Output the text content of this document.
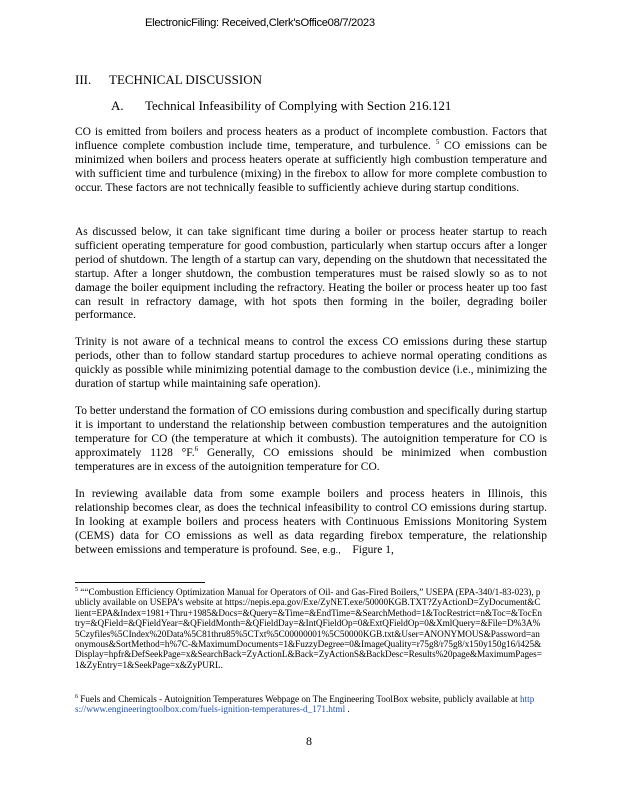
ElectronicFiling: Received,Clerk'sOffice08/7/2023
III. TECHNICAL DISCUSSION
A. Technical Infeasibility of Complying with Section 216.121
CO is emitted from boilers and process heaters as a product of incomplete combustion. Factors that influence complete combustion include time, temperature, and turbulence. $^5$ CO emissions can be minimized when boilers and process heaters operate at sufficiently high combustion temperature and with sufficient time and turbulence (mixing) in the firebox to allow for more complete combustion to occur. These factors are not technically feasible to sufficiently achieve during startup conditions.
As discussed below, it can take significant time during a boiler or process heater startup to reach sufficient operating temperature for good combustion, particularly when startup occurs after a longer period of shutdown. The length of a startup can vary, depending on the shutdown that necessitated the startup. After a longer shutdown, the combustion temperatures must be raised slowly so as to not damage the boiler equipment including the refractory. Heating the boiler or process heater up too fast can result in refractory damage, with hot spots then forming in the boiler, degrading boiler performance.
Trinity is not aware of a technical means to control the excess CO emissions during these startup periods, other than to follow standard startup procedures to achieve normal operating conditions as quickly as possible while minimizing potential damage to the combustion device (i.e., minimizing the duration of startup while maintaining safe operation).
To better understand the formation of CO emissions during combustion and specifically during startup it is important to understand the relationship between combustion temperatures and the autoignition temperature for CO (the temperature at which it combusts). The autoignition temperature for CO is approximately 1128 °F.$^6$ Generally, CO emissions should be minimized when combustion temperatures are in excess of the autoignition temperature for CO.
In reviewing available data from some example boilers and process heaters in Illinois, this relationship becomes clear, as does the technical infeasibility to control CO emissions during startup. In looking at example boilers and process heaters with Continuous Emissions Monitoring System (CEMS) data for CO emissions as well as data regarding firebox temperature, the relationship between emissions and temperature is profound. See, e.g., Figure 1,
$^5$ ““Combustion Efficiency Optimization Manual for Operators of Oil- and Gas-Fired Boilers,” USEPA (EPA-340/1-83-023), publicly available on USEPA’s website at https://nepis.epa.gov/Exe/ZyNET.exe/50000KGB.TXT?ZyActionD=ZyDocument&Client=EPA&Index=1981+Thru+1985&Docs=&Query=&Time=&EndTime=&SearchMethod=1&TocRestrict=n&Toc=&TocEntry=&QField=&QFieldYear=&QFieldMonth=&QFieldDay=&IntQFieldOp=0&ExtQFieldOp=0&XmlQuery=&File=D%3A%5Czyfiles%5CIndex%20Data%5C81thru85%5CTxt%5C00000001%5C50000KGB.txt&User=ANONYMOUS&Password=anonymous&SortMethod=h%7C-&MaximumDocuments=1&FuzzyDegree=0&ImageQuality=r75g8/r75g8/x150y150g16/i425&Display=hpfr&DefSeekPage=x&SearchBack=ZyActionL&Back=ZyActionS&BackDesc=Results%20page&MaximumPages=1&ZyEntry=1&SeekPage=x&ZyPURL.
$^6$ Fuels and Chemicals - Autoignition Temperatures Webpage on The Engineering ToolBox website, publicly available at https://www.engineeringtoolbox.com/fuels-ignition-temperatures-d_171.html .
8
